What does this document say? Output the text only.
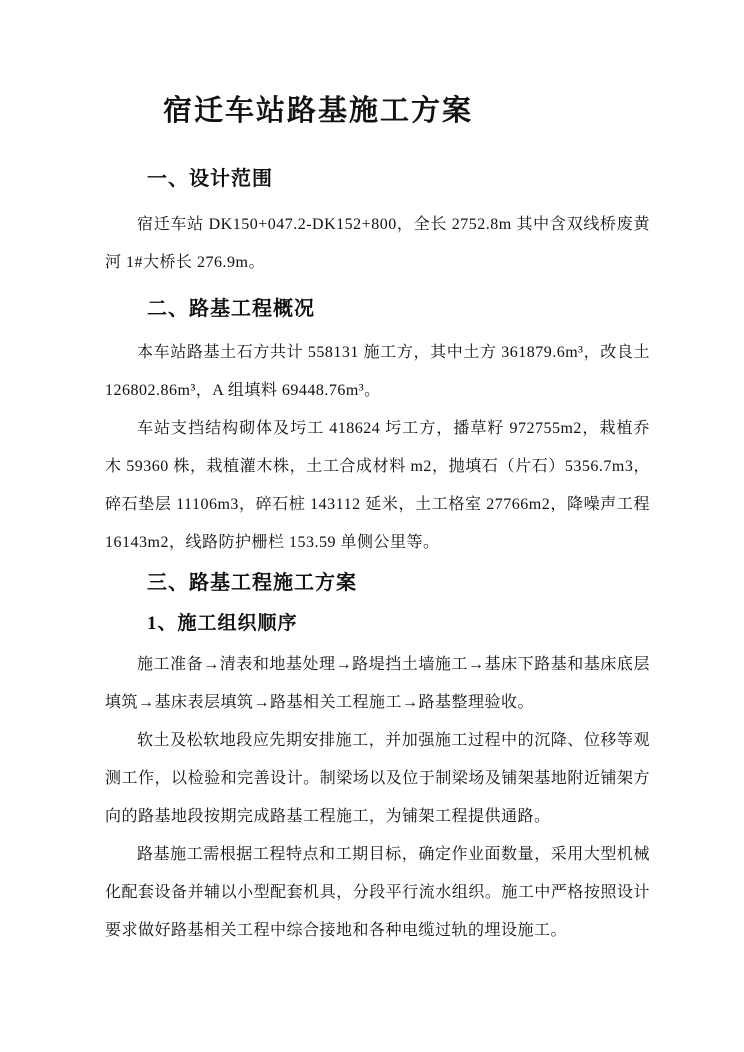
宿迁车站路基施工方案
一、设计范围

宿迁车站 DK150+047.2-DK152+800，全长 2752.8m 其中含双线桥废黄河 1#大桥长 276.9m。

二、路基工程概况

本车站路基土石方共计 558131 施工方，其中土方 361879.6m³，改良土 126802.86m³，A 组填料 69448.76m³。

车站支挡结构砌体及圬工 418624 圬工方，播草籽 972755m2，栽植乔木 59360 株，栽植灌木株，土工合成材料 m2，抛填石（片石）5356.7m3，碎石垫层 11106m3，碎石桩 143112 延米，土工格室 27766m2，降噪声工程 16143m2，线路防护栅栏 153.59 单侧公里等。

三、路基工程施工方案
1、施工组织顺序

施工准备→清表和地基处理→路堤挡土墙施工→基床下路基和基床底层填筑→基床表层填筑→路基相关工程施工→路基整理验收。

软土及松软地段应先期安排施工，并加强施工过程中的沉降、位移等观测工作，以检验和完善设计。制梁场以及位于制梁场及铺架基地附近铺架方向的路基地段按期完成路基工程施工，为铺架工程提供通路。

路基施工需根据工程特点和工期目标，确定作业面数量，采用大型机械化配套设备并辅以小型配套机具，分段平行流水组织。施工中严格按照设计要求做好路基相关工程中综合接地和各种电缆过轨的埋设施工。
